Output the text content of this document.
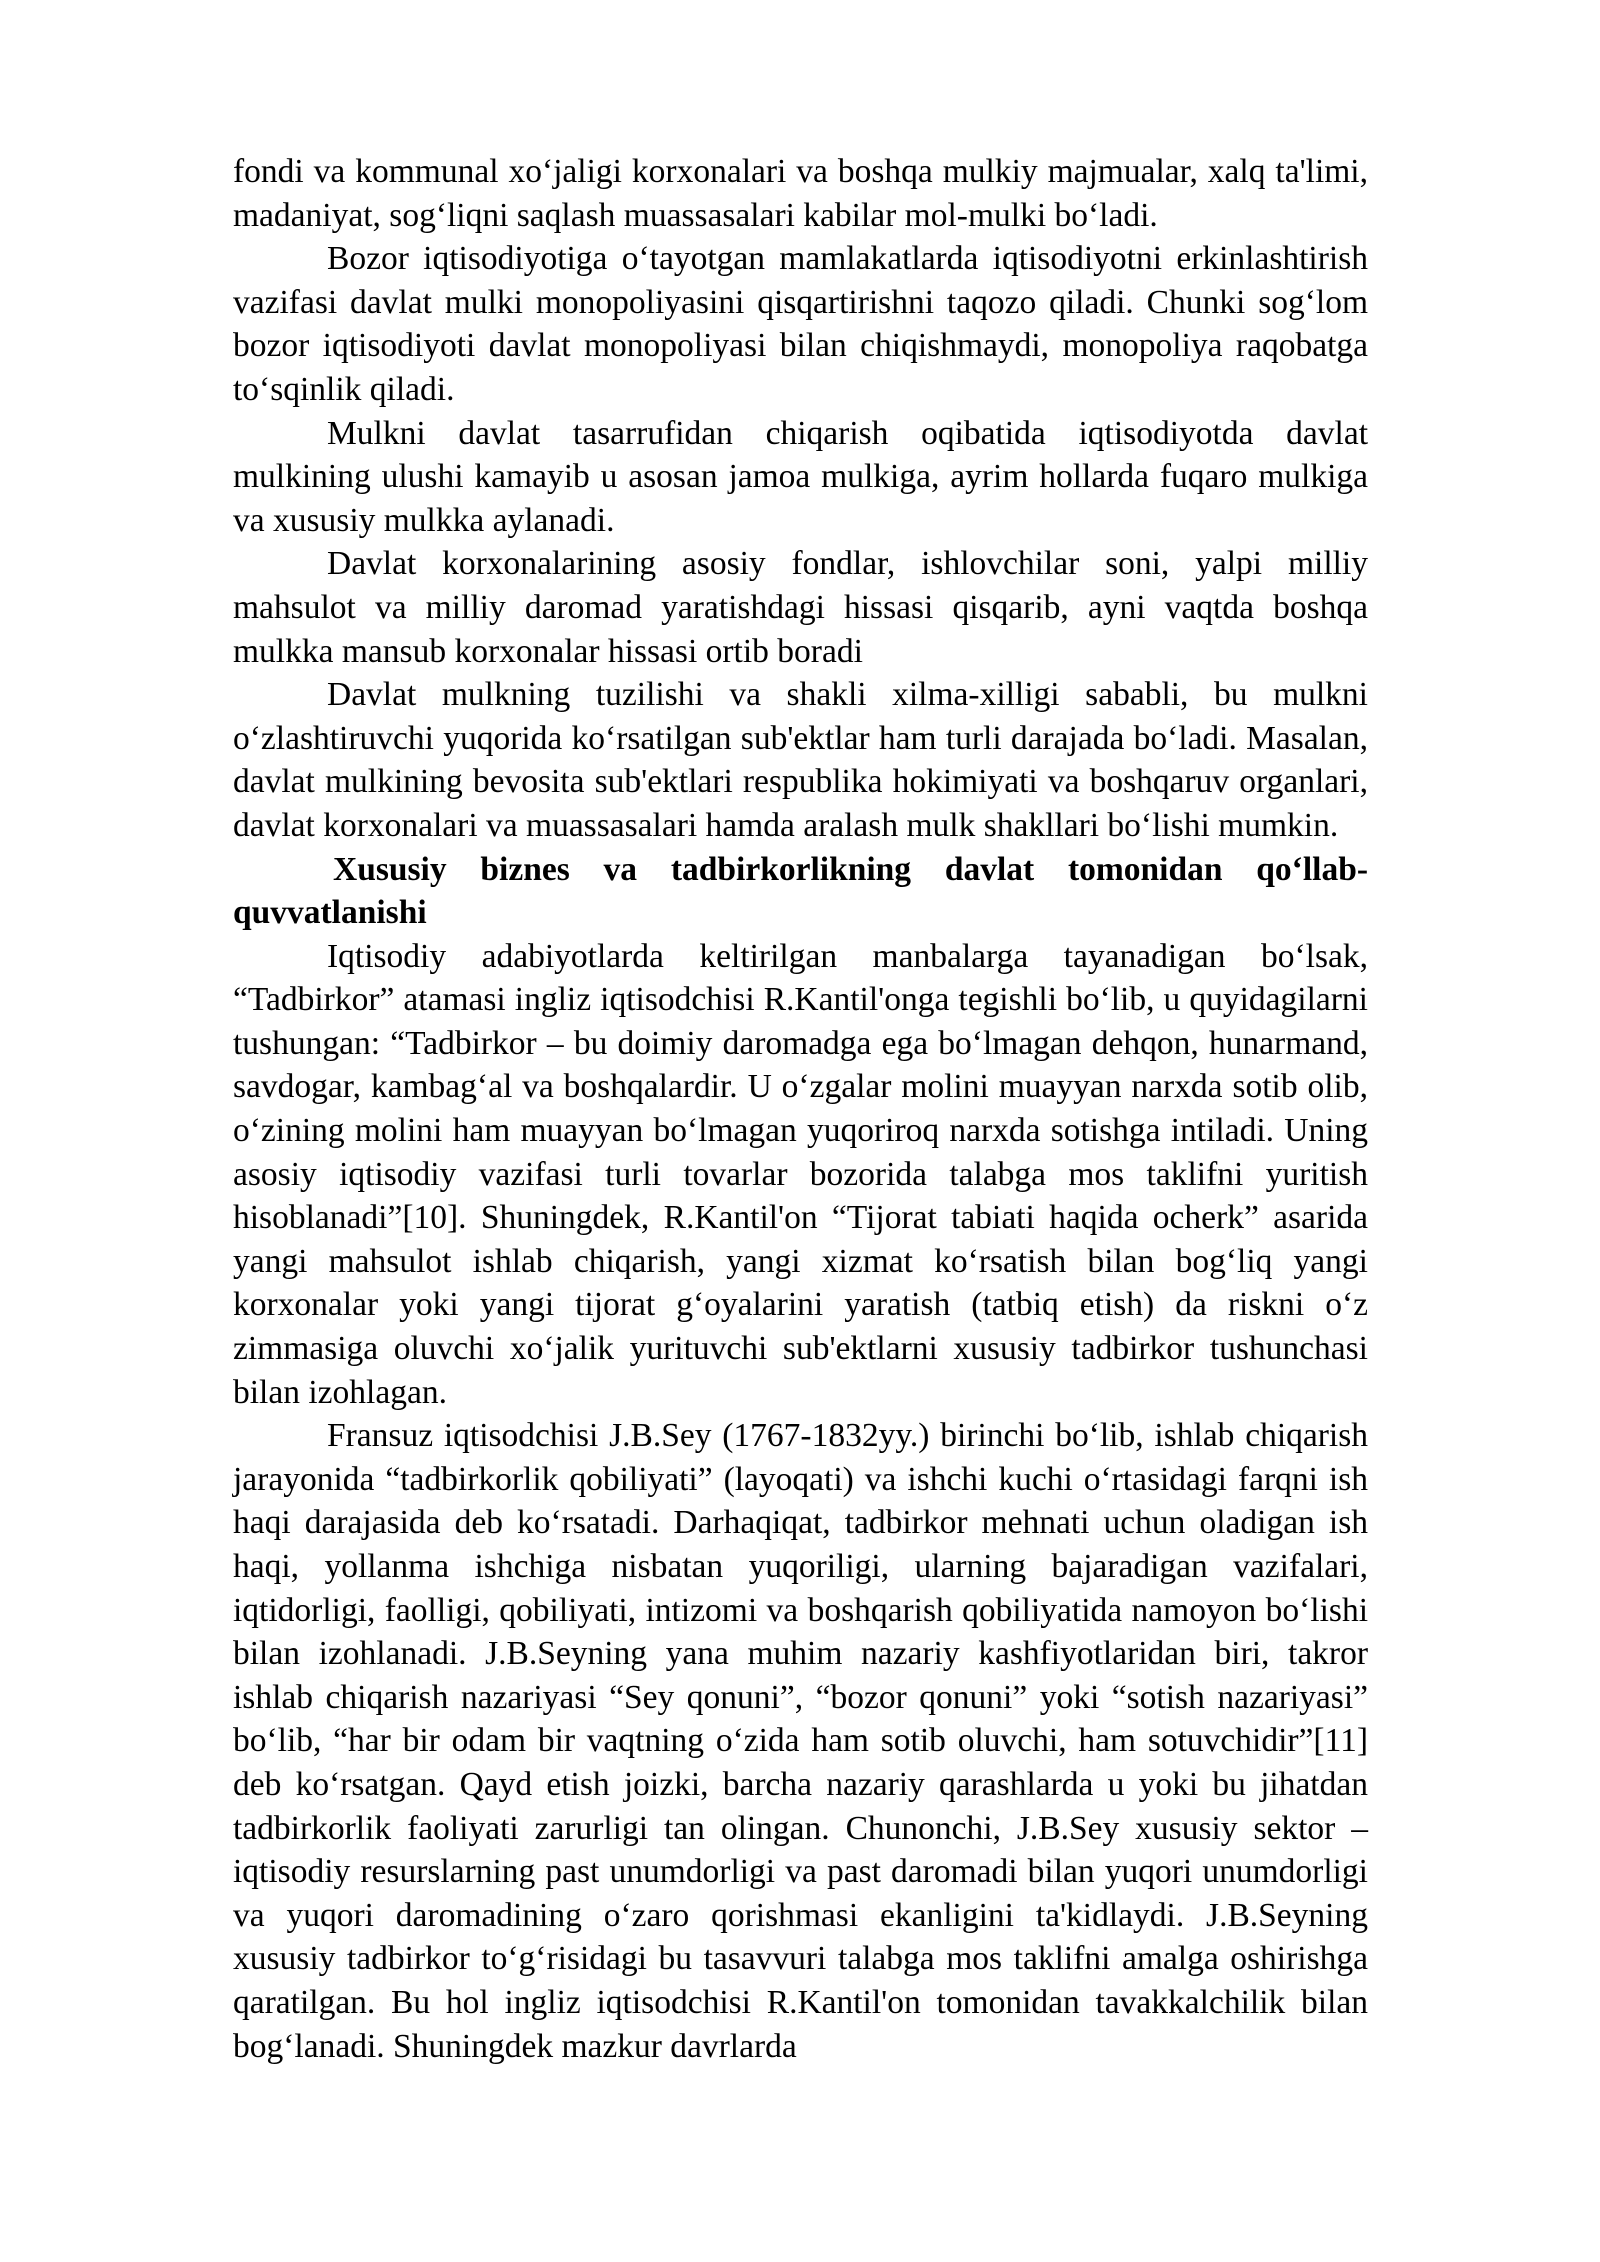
fondi va kommunal xo‘jaligi korxonalari va boshqa mulkiy majmualar, xalq ta'limi, madaniyat, sog‘liqni saqlash muassasalari kabilar mol-mulki bo‘ladi.

Bozor iqtisodiyotiga o‘tayotgan mamlakatlarda iqtisodiyotni erkinlashtirish vazifasi davlat mulki monopoliyasini qisqartirishni taqozo qiladi. Chunki sog‘lom bozor iqtisodiyoti davlat monopoliyasi bilan chiqishmaydi, monopoliya raqobatga to‘sqinlik qiladi.

Mulkni davlat tasarrufidan chiqarish oqibatida iqtisodiyotda davlat mulkining ulushi kamayib u asosan jamoa mulkiga, ayrim hollarda fuqaro mulkiga va xususiy mulkka aylanadi.

Davlat korxonalarining asosiy fondlar, ishlovchilar soni, yalpi milliy mahsulot va milliy daromad yaratishdagi hissasi qisqarib, ayni vaqtda boshqa mulkka mansub korxonalar hissasi ortib boradi

Davlat mulkning tuzilishi va shakli xilma-xilligi sababli, bu mulkni o‘zlashtiruvchi yuqorida ko‘rsatilgan sub'ektlar ham turli darajada bo‘ladi. Masalan, davlat mulkining bevosita sub'ektlari respublika hokimiyati va boshqaruv organlari, davlat korxonalari va muassasalari hamda aralash mulk shakllari bo‘lishi mumkin.

Xususiy biznes va tadbirkorlikning davlat tomonidan qo‘llab-quvvatlanishi

Iqtisodiy adabiyotlarda keltirilgan manbalarga tayanadigan bo‘lsak, “Tadbirkor” atamasi ingliz iqtisodchisi R.Kantil'onga tegishli bo‘lib, u quyidagilarni tushungan: “Tadbirkor – bu doimiy daromadga ega bo‘lmagan dehqon, hunarmand, savdogar, kambag‘al va boshqalardir. U o‘zgalar molini muayyan narxda sotib olib, o‘zining molini ham muayyan bo‘lmagan yuqoriroq narxda sotishga intiladi. Uning asosiy iqtisodiy vazifasi turli tovarlar bozorida talabga mos taklifni yuritish hisoblanadi”[10]. Shuningdek, R.Kantil'on “Tijorat tabiati haqida ocherk” asarida yangi mahsulot ishlab chiqarish, yangi xizmat ko‘rsatish bilan bog‘liq yangi korxonalar yoki yangi tijorat g‘oyalarini yaratish (tatbiq etish) da riskni o‘z zimmasiga oluvchi xo‘jalik yurituvchi sub'ektlarni xususiy tadbirkor tushunchasi bilan izohlagan.

Fransuz iqtisodchisi J.B.Sey (1767-1832yy.) birinchi bo‘lib, ishlab chiqarish jarayonida “tadbirkorlik qobiliyati” (layoqati) va ishchi kuchi o‘rtasidagi farqni ish haqi darajasida deb ko‘rsatadi. Darhaqiqat, tadbirkor mehnati uchun oladigan ish haqi, yollanma ishchiga nisbatan yuqoriligi, ularning bajaradigan vazifalari, iqtidorligi, faolligi, qobiliyati, intizomi va boshqarish qobiliyatida namoyon bo‘lishi bilan izohlanadi. J.B.Seyning yana muhim nazariy kashfiyotlaridan biri, takror ishlab chiqarish nazariyasi “Sey qonuni”, “bozor qonuni” yoki “sotish nazariyasi” bo‘lib, “har bir odam bir vaqtning o‘zida ham sotib oluvchi, ham sotuvchidir”[11] deb ko‘rsatgan. Qayd etish joizki, barcha nazariy qarashlarda u yoki bu jihatdan tadbirkorlik faoliyati zarurligi tan olingan. Chunonchi, J.B.Sey xususiy sektor – iqtisodiy resurslarning past unumdorligi va past daromadi bilan yuqori unumdorligi va yuqori daromadining o‘zaro qorishmasi ekanligini ta'kidlaydi. J.B.Seyning xususiy tadbirkor to‘g‘risidagi bu tasavvuri talabga mos taklifni amalga oshirishga qaratilgan. Bu hol ingliz iqtisodchisi R.Kantil'on tomonidan tavakkalchilik bilan bog‘lanadi. Shuningdek mazkur davrlarda
